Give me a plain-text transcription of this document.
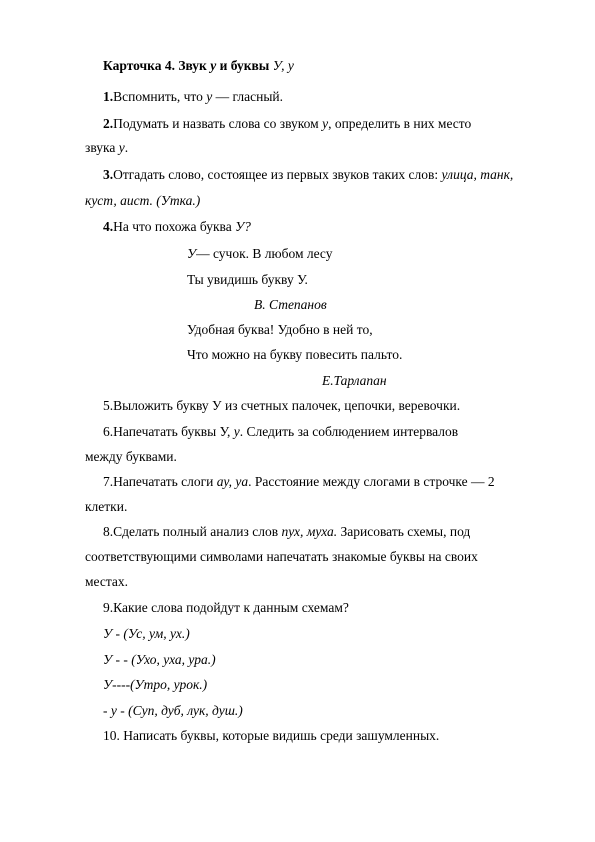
Карточка 4. Звук у и буквы У, у
1.Вспомнить, что у — гласный.
2.Подумать и назвать слова со звуком у, определить в них место
звука у.
3.Отгадать слово, состоящее из первых звуков таких слов: улица, танк,
куст, аист. (Утка.)
4.На что похожа буква У?
У— сучок. В любом лесу
Ты увидишь букву У.
В. Степанов
Удобная буква! Удобно в ней то,
Что можно на букву повесить пальто.
Е.Тарлапан
5.Выложить букву У из счетных палочек, цепочки, веревочки.
6.Напечатать буквы У, у. Следить за соблюдением интервалов
между буквами.
7.Напечатать слоги ау, уа. Расстояние между слогами в строчке — 2
клетки.
8.Сделать полный анализ слов пух, муха. Зарисовать схемы, под
соответствующими символами напечатать знакомые буквы на своих
местах.
9.Какие слова подойдут к данным схемам?
У - (Ус, ум, ух.)
У - - (Ухо, уха, ура.)
У----(Утро, урок.)
- у - (Суп, дуб, лук, душ.)
10. Написать буквы, которые видишь среди зашумленных.
